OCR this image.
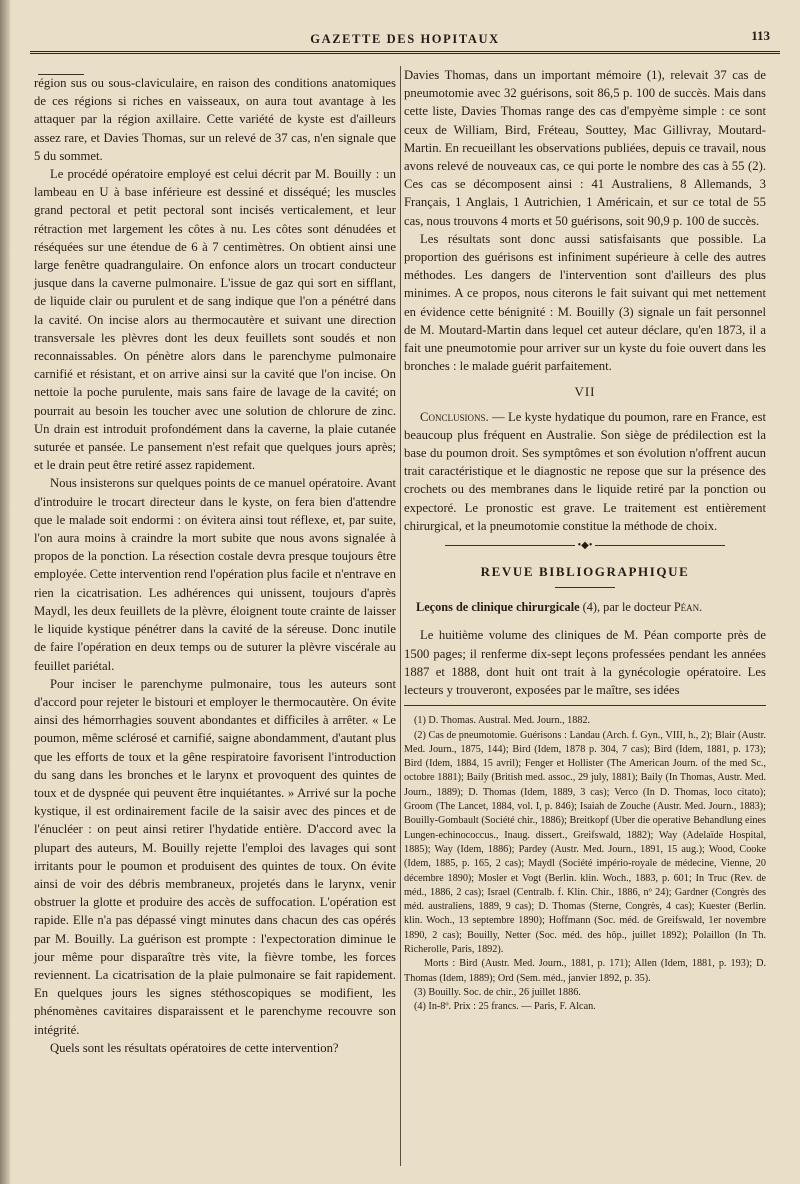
GAZETTE DES HOPITAUX	113

région sus ou sous-claviculaire, en raison des conditions anatomiques de ces régions si riches en vaisseaux, on aura tout avantage à les attaquer par la région axillaire. Cette variété de kyste est d'ailleurs assez rare, et Davies Thomas, sur un relevé de 37 cas, n'en signale que 5 du sommet.

Le procédé opératoire employé est celui décrit par M. Bouilly : un lambeau en U à base inférieure est dessiné et disséqué; les muscles grand pectoral et petit pectoral sont incisés verticalement, et leur rétraction met largement les côtes à nu. Les côtes sont dénudées et réséquées sur une étendue de 6 à 7 centimètres. On obtient ainsi une large fenêtre quadrangulaire. On enfonce alors un trocart conducteur jusque dans la caverne pulmonaire. L'issue de gaz qui sort en sifflant, de liquide clair ou purulent et de sang indique que l'on a pénétré dans la cavité. On incise alors au thermocautère et suivant une direction transversale les plèvres dont les deux feuillets sont soudés et non reconnaissables. On pénètre alors dans le parenchyme pulmonaire carnifié et résistant, et on arrive ainsi sur la cavité que l'on incise. On nettoie la poche purulente, mais sans faire de lavage de la cavité; on pourrait au besoin les toucher avec une solution de chlorure de zinc. Un drain est introduit profondément dans la caverne, la plaie cutanée suturée et pansée. Le pansement n'est refait que quelques jours après; et le drain peut être retiré assez rapidement.

Nous insisterons sur quelques points de ce manuel opératoire. Avant d'introduire le trocart directeur dans le kyste, on fera bien d'attendre que le malade soit endormi : on évitera ainsi tout réflexe, et, par suite, l'on aura moins à craindre la mort subite que nous avons signalée à propos de la ponction. La résection costale devra presque toujours être employée. Cette intervention rend l'opération plus facile et n'entrave en rien la cicatrisation. Les adhérences qui unissent, toujours d'après Maydl, les deux feuillets de la plèvre, éloignent toute crainte de laisser le liquide kystique pénétrer dans la cavité de la séreuse. Donc inutile de faire l'opération en deux temps ou de suturer la plèvre viscérale au feuillet pariétal.

Pour inciser le parenchyme pulmonaire, tous les auteurs sont d'accord pour rejeter le bistouri et employer le thermocautère. On évite ainsi des hémorrhagies souvent abondantes et difficiles à arrêter. « Le poumon, même sclérosé et carnifié, saigne abondamment, d'autant plus que les efforts de toux et la gêne respiratoire favorisent l'introduction du sang dans les bronches et le larynx et provoquent des quintes de toux et de dyspnée qui peuvent être inquiétantes. » Arrivé sur la poche kystique, il est ordinairement facile de la saisir avec des pinces et de l'énucléer : on peut ainsi retirer l'hydatide entière. D'accord avec la plupart des auteurs, M. Bouilly rejette l'emploi des lavages qui sont irritants pour le poumon et produisent des quintes de toux. On évite ainsi de voir des débris membraneux, projetés dans le larynx, venir obstruer la glotte et produire des accès de suffocation. L'opération est rapide. Elle n'a pas dépassé vingt minutes dans chacun des cas opérés par M. Bouilly. La guérison est prompte : l'expectoration diminue le jour même pour disparaître très vite, la fièvre tombe, les forces reviennent. La cicatrisation de la plaie pulmonaire se fait rapidement. En quelques jours les signes stéthoscopiques se modifient, les phénomènes cavitaires disparaissent et le parenchyme recouvre son intégrité.

Quels sont les résultats opératoires de cette intervention?

Davies Thomas, dans un important mémoire (1), relevait 37 cas de pneumotomie avec 32 guérisons, soit 86,5 p. 100 de succès. Mais dans cette liste, Davies Thomas range des cas d'empyème simple : ce sont ceux de William, Bird, Fréteau, Souttey, Mac Gillivray, Moutard-Martin. En recueillant les observations publiées, depuis ce travail, nous avons relevé de nouveaux cas, ce qui porte le nombre des cas à 55 (2). Ces cas se décomposent ainsi : 41 Australiens, 8 Allemands, 3 Français, 1 Anglais, 1 Autrichien, 1 Américain, et sur ce total de 55 cas, nous trouvons 4 morts et 50 guérisons, soit 90,9 p. 100 de succès.

Les résultats sont donc aussi satisfaisants que possible. La proportion des guérisons est infiniment supérieure à celle des autres méthodes. Les dangers de l'intervention sont d'ailleurs des plus minimes. A ce propos, nous citerons le fait suivant qui met nettement en évidence cette bénignité : M. Bouilly (3) signale un fait personnel de M. Moutard-Martin dans lequel cet auteur déclare, qu'en 1873, il a fait une pneumotomie pour arriver sur un kyste du foie ouvert dans les bronches : le malade guérit parfaitement.

VII

Conclusions. — Le kyste hydatique du poumon, rare en France, est beaucoup plus fréquent en Australie. Son siège de prédilection est la base du poumon droit. Ses symptômes et son évolution n'offrent aucun trait caractéristique et le diagnostic ne repose que sur la présence des crochets ou des membranes dans le liquide retiré par la ponction ou expectoré. Le pronostic est grave. Le traitement est entièrement chirurgical, et la pneumotomie constitue la méthode de choix.

•◆•
REVUE BIBLIOGRAPHIQUE
Leçons de clinique chirurgicale (4), par le docteur Péan.

Le huitième volume des cliniques de M. Péan comporte près de 1500 pages; il renferme dix-sept leçons professées pendant les années 1887 et 1888, dont huit ont trait à la gynécologie opératoire. Les lecteurs y trouveront, exposées par le maître, ses idées

(1) D. Thomas. Austral. Med. Journ., 1882.

(2) Cas de pneumotomie. Guérisons : Landau (Arch. f. Gyn., VIII, h., 2); Blair (Austr. Med. Journ., 1875, 144); Bird (Idem, 1878 p. 304, 7 cas); Bird (Idem, 1881, p. 173); Bird (Idem, 1884, 15 avril); Fenger et Hollister (The American Journ. of the med Sc., octobre 1881); Baily (British med. assoc., 29 july, 1881); Baily (In Thomas, Austr. Med. Journ., 1889); D. Thomas (Idem, 1889, 3 cas); Verco (In D. Thomas, loco citato); Groom (The Lancet, 1884, vol. I, p. 846); Isaiah de Zouche (Austr. Med. Journ., 1883); Bouilly-Gombault (Société chir., 1886); Breitkopf (Uber die operative Behandlung eines Lungen-echinococcus., Inaug. dissert., Greifswald, 1882); Way (Adelaïde Hospital, 1885); Way (Idem, 1886); Pardey (Austr. Med. Journ., 1891, 15 aug.); Wood, Cooke (Idem, 1885, p. 165, 2 cas); Maydl (Société império-royale de médecine, Vienne, 20 décembre 1890); Mosler et Vogt (Berlin. klin. Woch., 1883, p. 601; In Truc (Rev. de méd., 1886, 2 cas); Israel (Centralb. f. Klin. Chir., 1886, nº 24); Gardner (Congrès des méd. australiens, 1889, 9 cas); D. Thomas (Sterne, Congrès, 4 cas); Kuester (Berlin. klin. Woch., 13 septembre 1890); Hoffmann (Soc. méd. de Greifswald, 1er novembre 1890, 2 cas); Bouilly, Netter (Soc. méd. des hôp., juillet 1892); Polaillon (In Th. Richerolle, Paris, 1892).

Morts : Bird (Austr. Med. Journ., 1881, p. 171); Allen (Idem, 1881, p. 193); D. Thomas (Idem, 1889); Ord (Sem. méd., janvier 1892, p. 35).

(3) Bouilly. Soc. de chir., 26 juillet 1886.

(4) In-8º. Prix : 25 francs. — Paris, F. Alcan.
